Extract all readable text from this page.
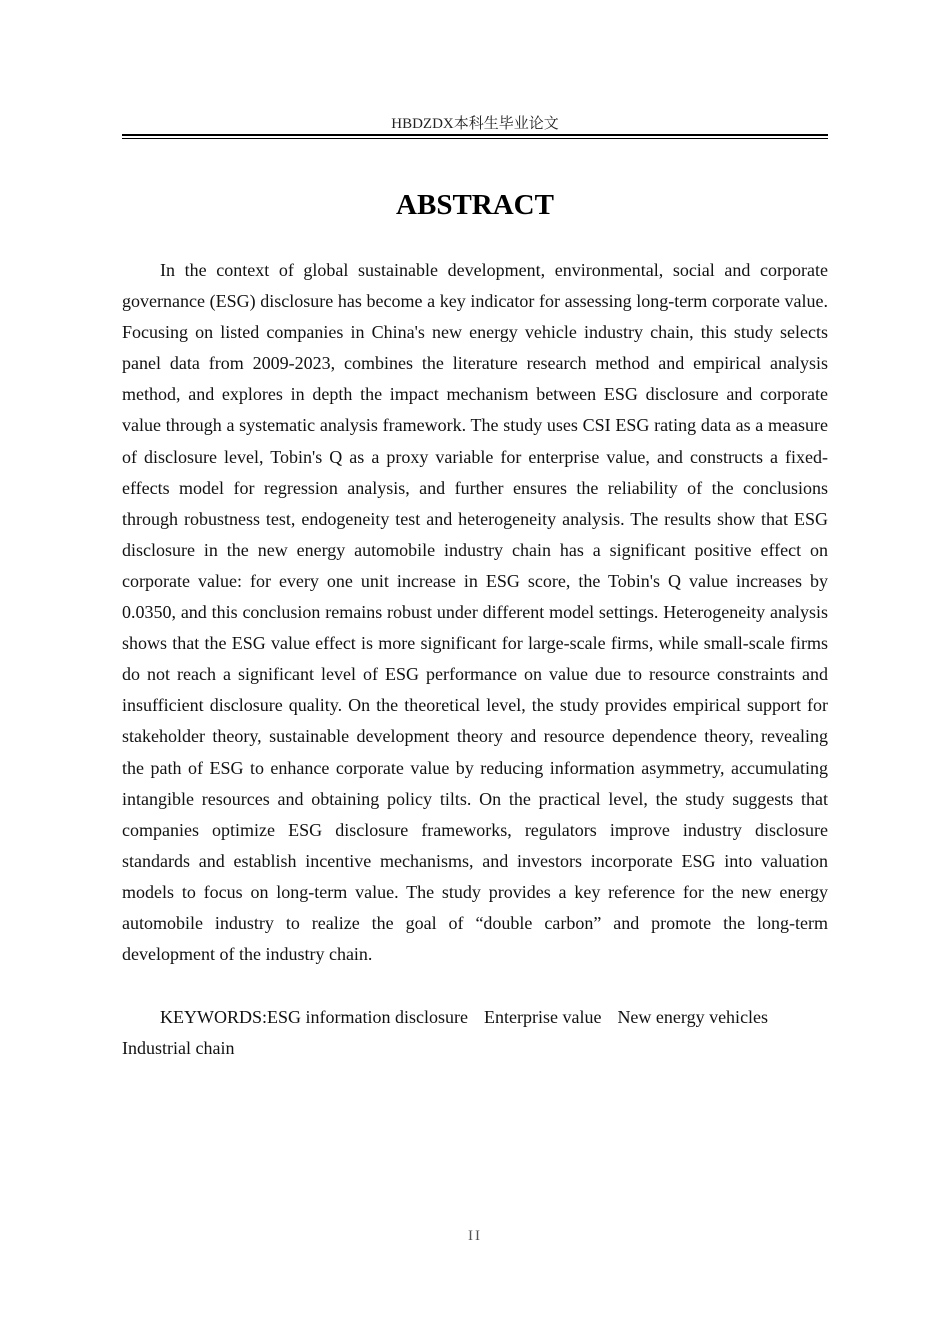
HBDZDX本科生毕业论文
ABSTRACT

In the context of global sustainable development, environmental, social and corporate governance (ESG) disclosure has become a key indicator for assessing long-term corporate value. Focusing on listed companies in China's new energy vehicle industry chain, this study selects panel data from 2009-2023, combines the literature research method and empirical analysis method, and explores in depth the impact mechanism between ESG disclosure and corporate value through a systematic analysis framework. The study uses CSI ESG rating data as a measure of disclosure level, Tobin's Q as a proxy variable for enterprise value, and constructs a fixed-effects model for regression analysis, and further ensures the reliability of the conclusions through robustness test, endogeneity test and heterogeneity analysis. The results show that ESG disclosure in the new energy automobile industry chain has a significant positive effect on corporate value: for every one unit increase in ESG score, the Tobin's Q value increases by 0.0350, and this conclusion remains robust under different model settings. Heterogeneity analysis shows that the ESG value effect is more significant for large-scale firms, while small-scale firms do not reach a significant level of ESG performance on value due to resource constraints and insufficient disclosure quality. On the theoretical level, the study provides empirical support for stakeholder theory, sustainable development theory and resource dependence theory, revealing the path of ESG to enhance corporate value by reducing information asymmetry, accumulating intangible resources and obtaining policy tilts. On the practical level, the study suggests that companies optimize ESG disclosure frameworks, regulators improve industry disclosure standards and establish incentive mechanisms, and investors incorporate ESG into valuation models to focus on long-term value. The study provides a key reference for the new energy automobile industry to realize the goal of “double carbon” and promote the long-term development of the industry chain.

KEYWORDS:ESG information disclosure Enterprise value New energy vehiclesIndustrial chain

II
